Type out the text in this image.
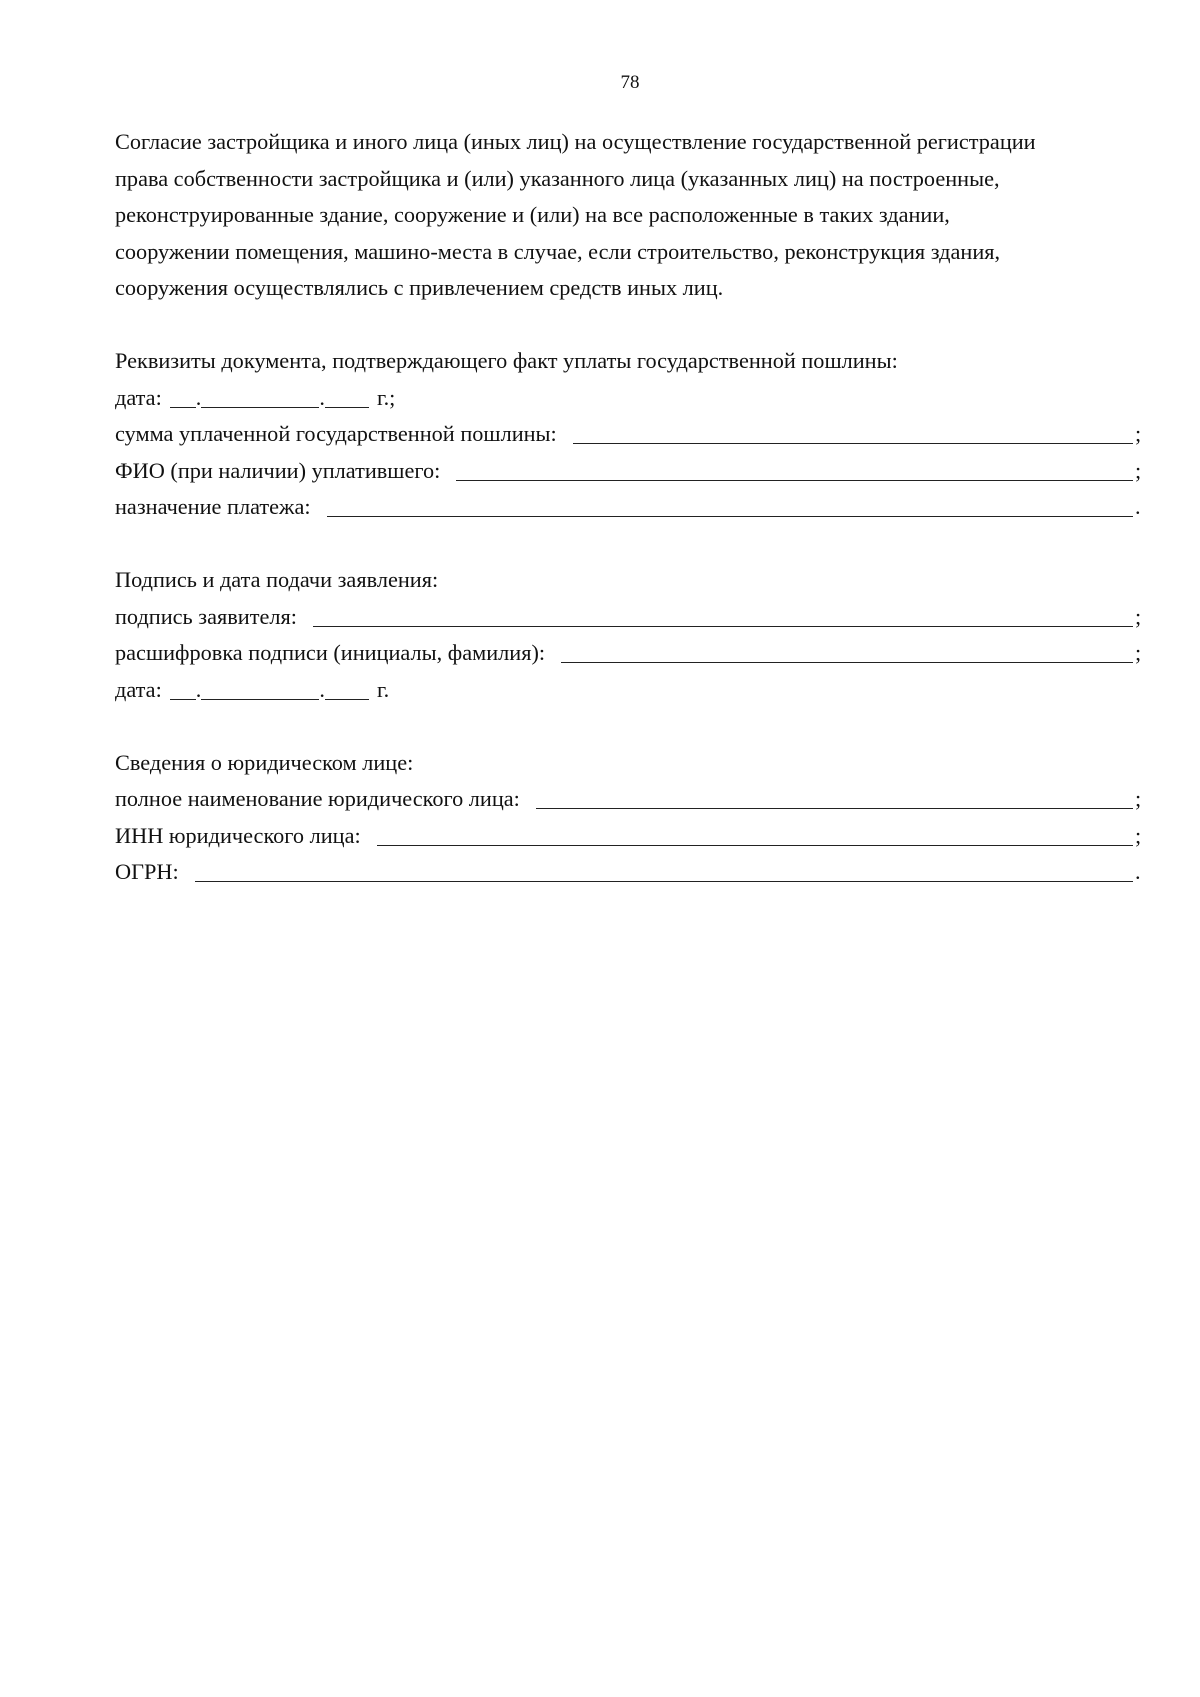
78
Согласие застройщика и иного лица (иных лиц) на осуществление государственной регистрации
права собственности застройщика и (или) указанного лица (указанных лиц) на построенные,
реконструированные здание, сооружение и (или) на все расположенные в таких здании,
сооружении помещения, машино-места в случае, если строительство, реконструкция здания,
сооружения осуществлялись с привлечением средств иных лиц.
Реквизиты документа, подтверждающего факт уплаты государственной пошлины:
дата: .	. г.;
сумма уплаченной государственной пошлины:	;
ФИО (при наличии) уплатившего:	;
назначение платежа:	.
Подпись и дата подачи заявления:
подпись заявителя:	;
расшифровка подписи (инициалы, фамилия):	;
дата: .	. г.
Сведения о юридическом лице:
полное наименование юридического лица:	;
ИНН юридического лица:	;
ОГРН:	.
